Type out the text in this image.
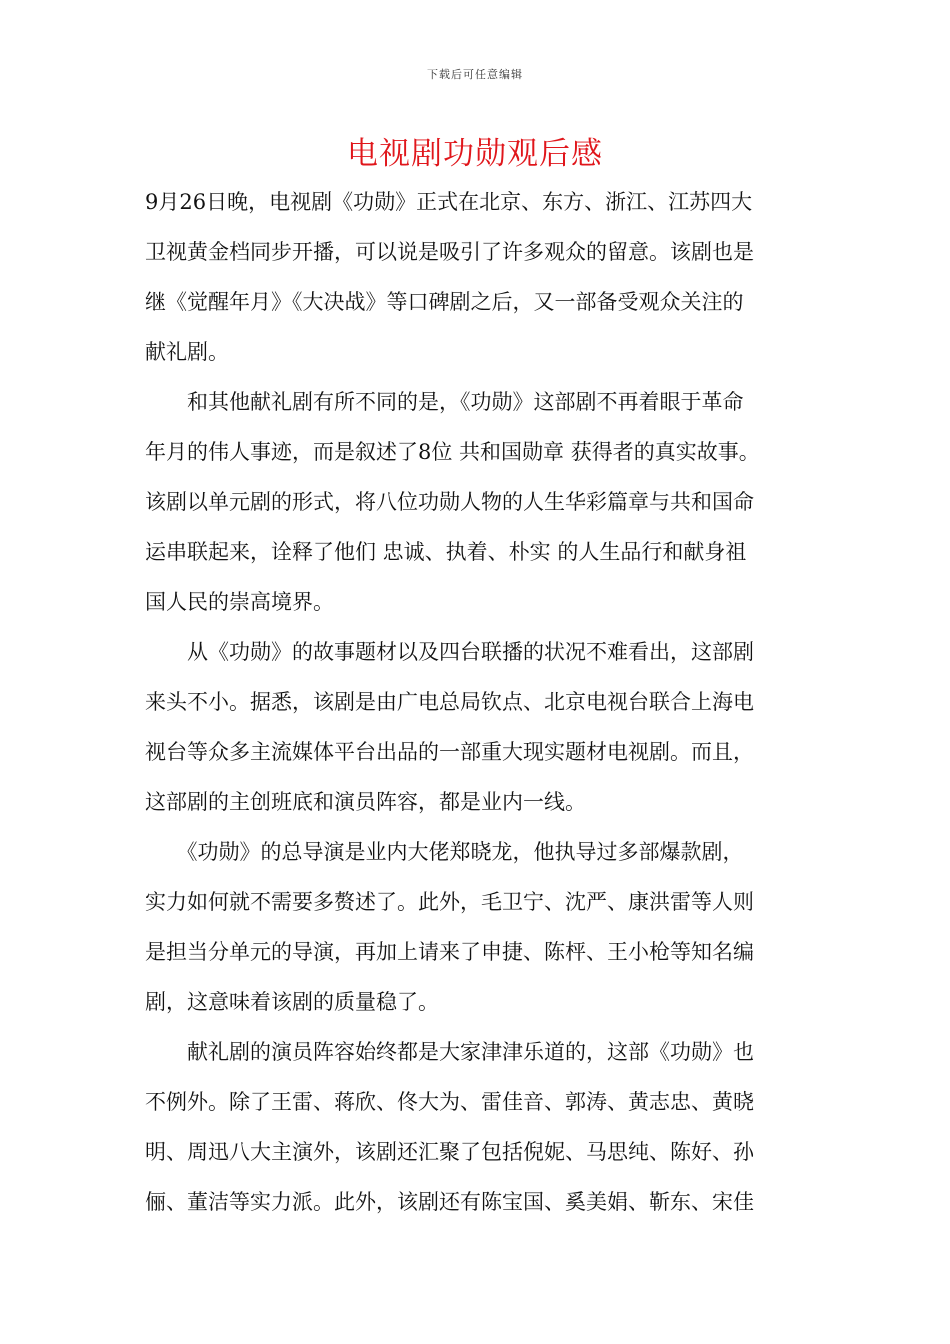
下载后可任意编辑
电视剧功勋观后感

9月26日晚，电视剧《功勋》正式在北京、东方、浙江、江苏四大
卫视黄金档同步开播，可以说是吸引了许多观众的留意。该剧也是
继《觉醒年月》《大决战》等口碑剧之后，又一部备受观众关注的
献礼剧。

　　和其他献礼剧有所不同的是，《功勋》这部剧不再着眼于革命
年月的伟人事迹，而是叙述了8位 共和国勋章 获得者的真实故事。
该剧以单元剧的形式，将八位功勋人物的人生华彩篇章与共和国命
运串联起来，诠释了他们 忠诚、执着、朴实 的人生品行和献身祖
国人民的崇高境界。

　　从《功勋》的故事题材以及四台联播的状况不难看出，这部剧
来头不小。据悉，该剧是由广电总局钦点、北京电视台联合上海电
视台等众多主流媒体平台出品的一部重大现实题材电视剧。而且，
这部剧的主创班底和演员阵容，都是业内一线。

　　《功勋》的总导演是业内大佬郑晓龙，他执导过多部爆款剧，
实力如何就不需要多赘述了。此外，毛卫宁、沈严、康洪雷等人则
是担当分单元的导演，再加上请来了申捷、陈枰、王小枪等知名编
剧，这意味着该剧的质量稳了。

　　献礼剧的演员阵容始终都是大家津津乐道的，这部《功勋》也
不例外。除了王雷、蒋欣、佟大为、雷佳音、郭涛、黄志忠、黄晓
明、周迅八大主演外，该剧还汇聚了包括倪妮、马思纯、陈好、孙
俪、董洁等实力派。此外，该剧还有陈宝国、奚美娟、靳东、宋佳
